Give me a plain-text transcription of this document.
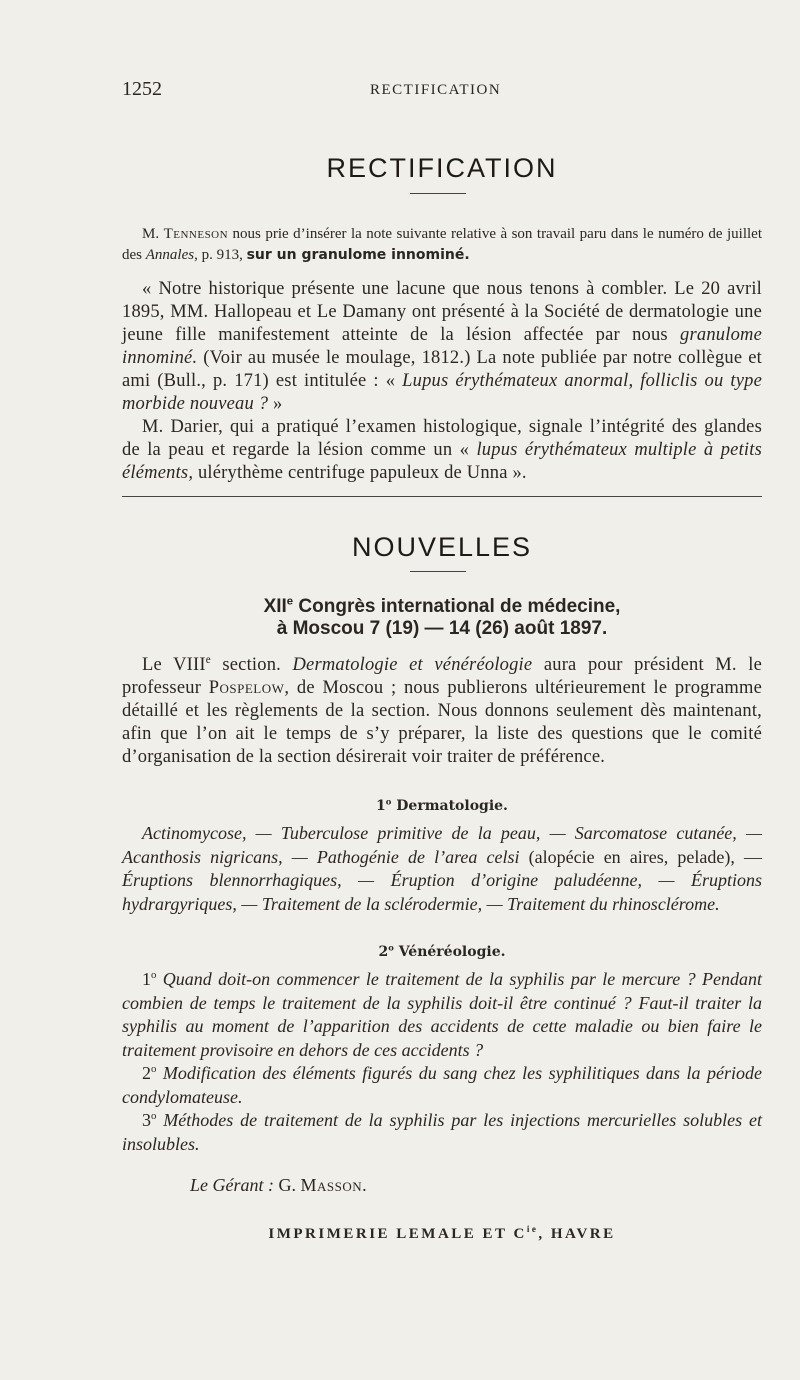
1252	RECTIFICATION
RECTIFICATION

M. Tenneson nous prie d’insérer la note suivante relative à son travail paru dans le numéro de juillet des Annales, p. 913, sur un granulome innominé.

« Notre historique présente une lacune que nous tenons à combler. Le 20 avril 1895, MM. Hallopeau et Le Damany ont présenté à la Société de dermatologie une jeune fille manifestement atteinte de la lésion affectée par nous granulome innominé. (Voir au musée le moulage, 1812.) La note publiée par notre collègue et ami (Bull., p. 171) est intitulée : « Lupus érythémateux anormal, folliclis ou type morbide nouveau ? »

M. Darier, qui a pratiqué l’examen histologique, signale l’intégrité des glandes de la peau et regarde la lésion comme un « lupus érythémateux multiple à petits éléments, ulérythème centrifuge papuleux de Unna ».

NOUVELLES
XIIe Congrès international de médecine,
à Moscou 7 (19) — 14 (26) août 1897.

Le VIIIe section. Dermatologie et vénéréologie aura pour président M. le professeur Pospelow, de Moscou ; nous publierons ultérieurement le programme détaillé et les règlements de la section. Nous donnons seulement dès maintenant, afin que l’on ait le temps de s’y préparer, la liste des questions que le comité d’organisation de la section désirerait voir traiter de préférence.

1$^o$ Dermatologie.

Actinomycose, — Tuberculose primitive de la peau, — Sarcomatose cutanée, — Acanthosis nigricans, — Pathogénie de l’area celsi (alopécie en aires, pelade), — Éruptions blennorrhagiques, — Éruption d’origine paludéenne, — Éruptions hydrargyriques, — Traitement de la sclérodermie, — Traitement du rhinosclérome.

2$^o$ Vénéréologie.

1$^o$ Quand doit-on commencer le traitement de la syphilis par le mercure ? Pendant combien de temps le traitement de la syphilis doit-il être continué ? Faut-il traiter la syphilis au moment de l’apparition des accidents de cette maladie ou bien faire le traitement provisoire en dehors de ces accidents ?

2$^o$ Modification des éléments figurés du sang chez les syphilitiques dans la période condylomateuse.

3$^o$ Méthodes de traitement de la syphilis par les injections mercurielles solubles et insolubles.

Le Gérant : G. Masson.
IMPRIMERIE LEMALE ET $C^{ie}$, HAVRE
